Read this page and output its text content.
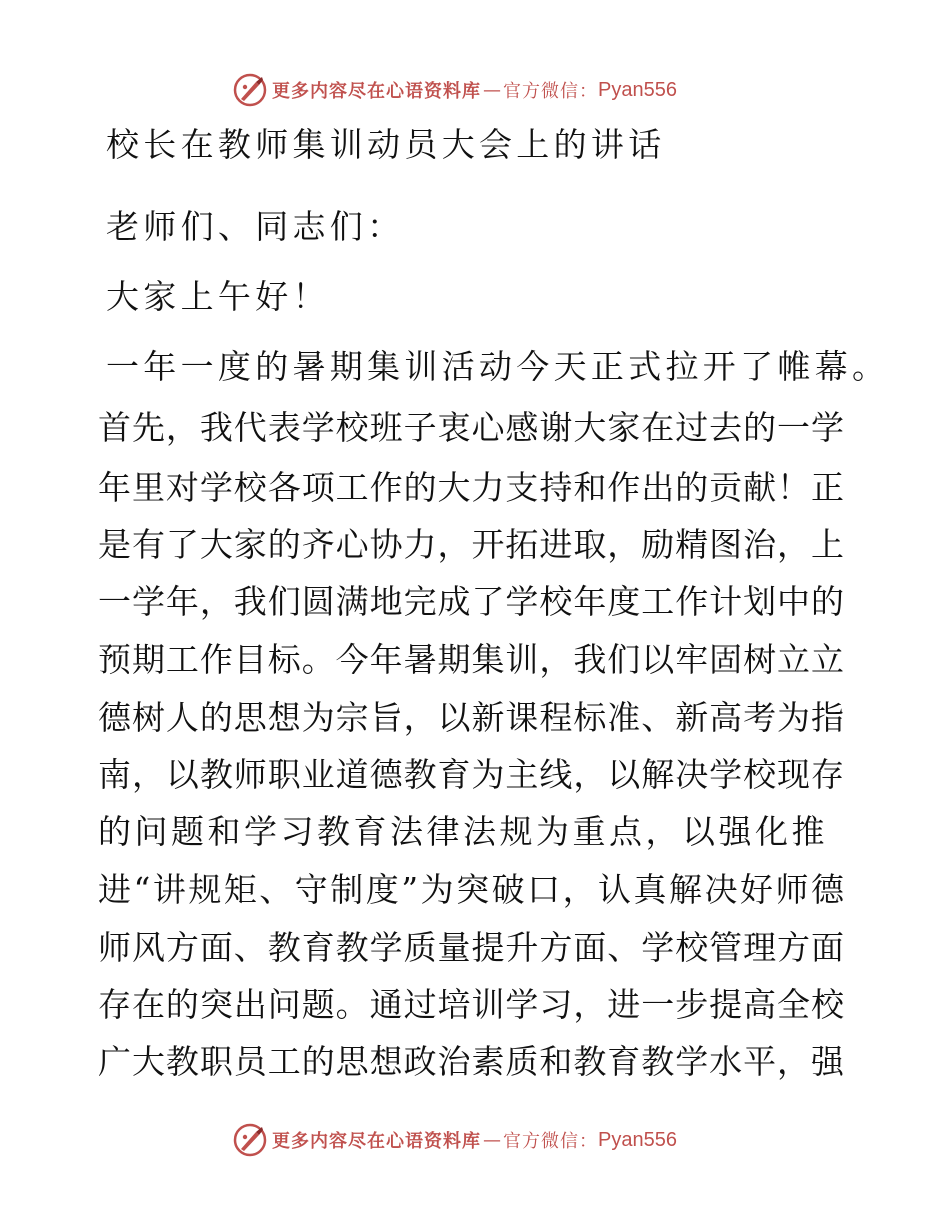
更多内容尽在心语资料库 — 官方微信： Pyan556
校长在教师集训动员大会上的讲话
老师们、同志们：
大家上午好！
一年一度的暑期集训活动今天正式拉开了帷幕。
首先，我代表学校班子衷心感谢大家在过去的一学
年里对学校各项工作的大力支持和作出的贡献！正
是有了大家的齐心协力，开拓进取，励精图治，上
一学年，我们圆满地完成了学校年度工作计划中的
预期工作目标。今年暑期集训，我们以牢固树立立
德树人的思想为宗旨，以新课程标准、新高考为指
南，以教师职业道德教育为主线，以解决学校现存
的问题和学习教育法律法规为重点，以强化推
进“讲规矩、守制度”为突破口，认真解决好师德
师风方面、教育教学质量提升方面、学校管理方面
存在的突出问题。通过培训学习，进一步提高全校
广大教职员工的思想政治素质和教育教学水平，强
更多内容尽在心语资料库 — 官方微信： Pyan556
